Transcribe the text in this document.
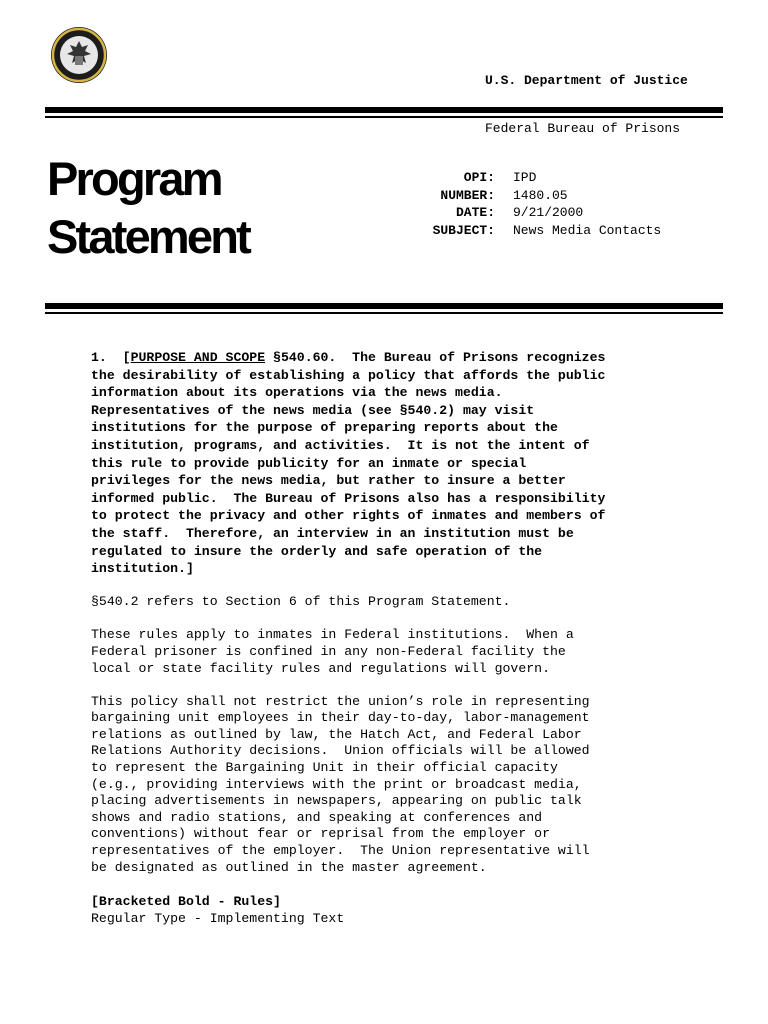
U.S. Department of Justice

Federal Bureau of Prisons

Program
Statement
OPI: IPD
NUMBER: 1480.05
DATE: 9/21/2000
SUBJECT: News Media Contacts

1.  [PURPOSE AND SCOPE §540.60.  The Bureau of Prisons recognizes

the desirability of establishing a policy that affords the public

information about its operations via the news media.

Representatives of the news media (see §540.2) may visit

institutions for the purpose of preparing reports about the

institution, programs, and activities.  It is not the intent of

this rule to provide publicity for an inmate or special

privileges for the news media, but rather to insure a better

informed public.  The Bureau of Prisons also has a responsibility

to protect the privacy and other rights of inmates and members of

the staff.  Therefore, an interview in an institution must be

regulated to insure the orderly and safe operation of the

institution.]

§540.2 refers to Section 6 of this Program Statement.

These rules apply to inmates in Federal institutions.  When a

Federal prisoner is confined in any non-Federal facility the

local or state facility rules and regulations will govern.

This policy shall not restrict the union’s role in representing

bargaining unit employees in their day-to-day, labor-management

relations as outlined by law, the Hatch Act, and Federal Labor

Relations Authority decisions.  Union officials will be allowed

to represent the Bargaining Unit in their official capacity

(e.g., providing interviews with the print or broadcast media,

placing advertisements in newspapers, appearing on public talk

shows and radio stations, and speaking at conferences and

conventions) without fear or reprisal from the employer or

representatives of the employer.  The Union representative will

be designated as outlined in the master agreement.

[Bracketed Bold - Rules]

Regular Type - Implementing Text
